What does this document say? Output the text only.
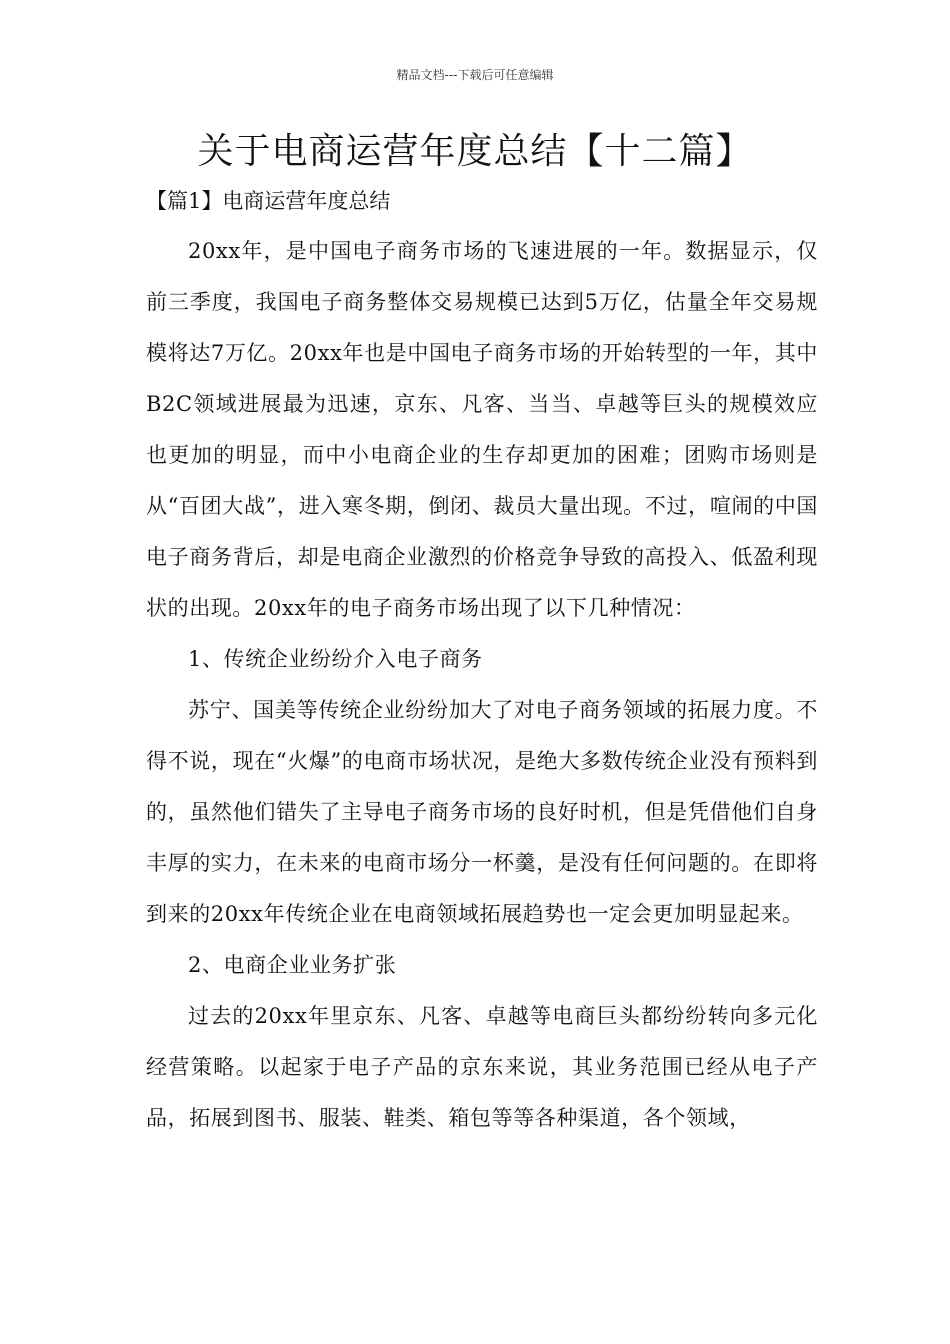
精品文档---下载后可任意编辑
关于电商运营年度总结【十二篇】
【篇1】电商运营年度总结

20xx年，是中国电子商务市场的飞速进展的一年。数据显示，仅前三季度，我国电子商务整体交易规模已达到5万亿，估量全年交易规模将达7万亿。20xx年也是中国电子商务市场的开始转型的一年，其中B2C领域进展最为迅速，京东、凡客、当当、卓越等巨头的规模效应也更加的明显，而中小电商企业的生存却更加的困难；团购市场则是从“百团大战”，进入寒冬期，倒闭、裁员大量出现。不过，喧闹的中国电子商务背后，却是电商企业激烈的价格竞争导致的高投入、低盈利现状的出现。20xx年的电子商务市场出现了以下几种情况：

1、传统企业纷纷介入电子商务

苏宁、国美等传统企业纷纷加大了对电子商务领域的拓展力度。不得不说，现在“火爆”的电商市场状况，是绝大多数传统企业没有预料到的，虽然他们错失了主导电子商务市场的良好时机，但是凭借他们自身丰厚的实力，在未来的电商市场分一杯羹，是没有任何问题的。在即将到来的20xx年传统企业在电商领域拓展趋势也一定会更加明显起来。

2、电商企业业务扩张

过去的20xx年里京东、凡客、卓越等电商巨头都纷纷转向多元化经营策略。以起家于电子产品的京东来说，其业务范围已经从电子产品，拓展到图书、服装、鞋类、箱包等等各种渠道，各个领域，
